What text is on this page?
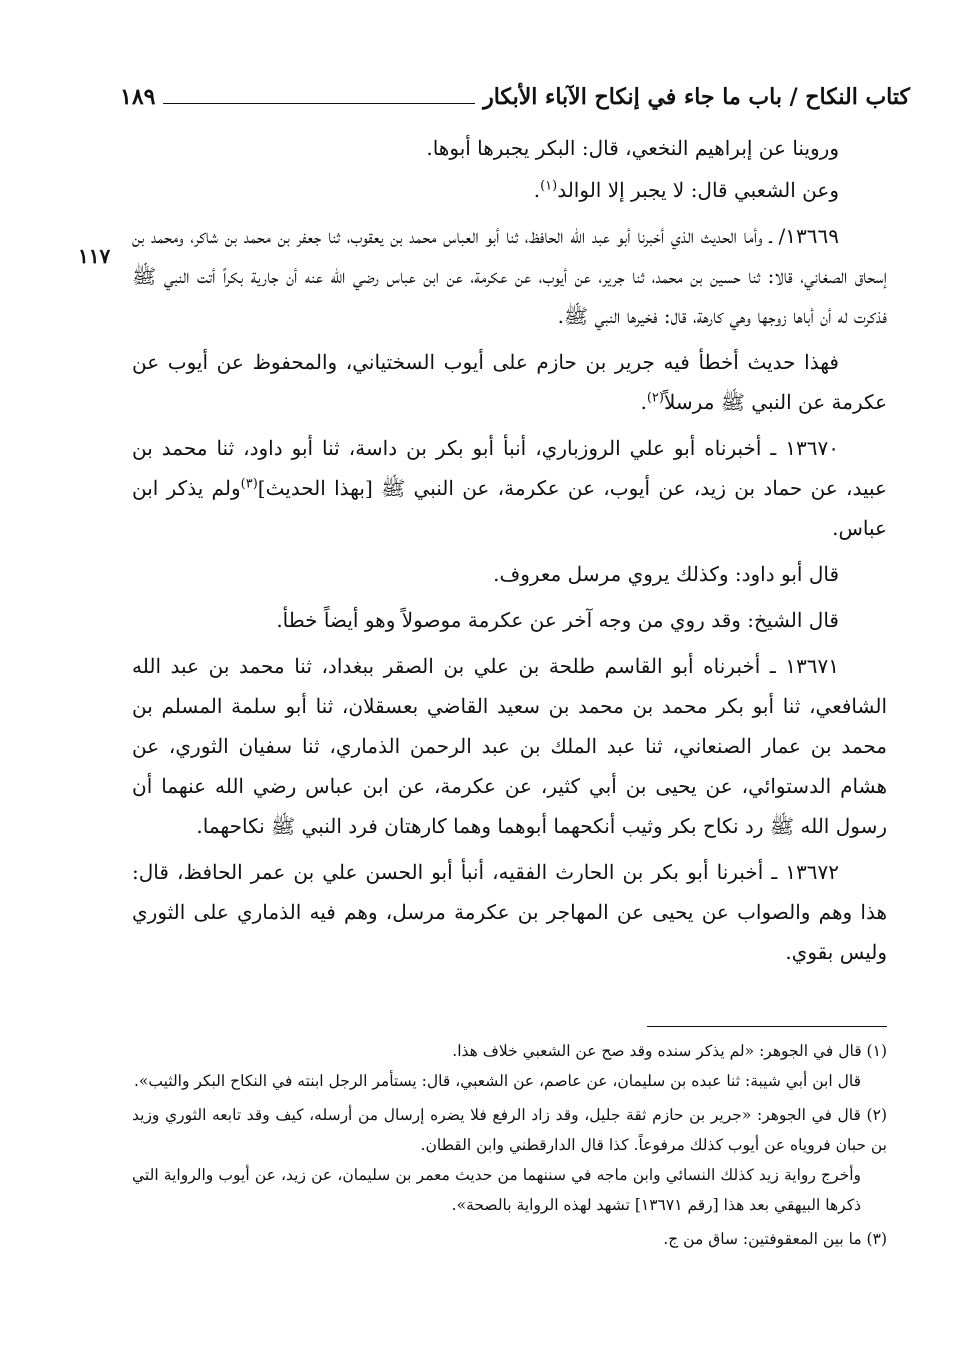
كتاب النكاح / باب ما جاء في إنكاح الآباء الأبكار
١٨٩
١١٧

وروينا عن إبراهيم النخعي، قال: البكر يجبرها أبوها.

وعن الشعبي قال: لا يجبر إلا الوالد$^{(١)}$.

١٣٦٦٩/ ـ وأما الحديث الذي أخبرنا أبو عبد الله الحافظ، ثنا أبو العباس محمد بن يعقوب، ثنا جعفر بن محمد بن شاكر، ومحمد بن إسحاق الصغاني، قالا: ثنا حسين بن محمد، ثنا جرير، عن أيوب، عن عكرمة، عن ابن عباس رضي الله عنه أن جارية بكراً أتت النبي ﷺ فذكرت له أن أباها زوجها وهي كارهة، قال: فخيرها النبي ﷺ.

فهذا حديث أخطأ فيه جرير بن حازم على أيوب السختياني، والمحفوظ عن أيوب عن عكرمة عن النبي ﷺ مرسلاً$^{(٢)}$.

١٣٦٧٠ ـ أخبرناه أبو علي الروزباري، أنبأ أبو بكر بن داسة، ثنا أبو داود، ثنا محمد بن عبيد، عن حماد بن زيد، عن أيوب، عن عكرمة، عن النبي ﷺ [بهذا الحديث]$^{(٣)}$ولم يذكر ابن عباس.

قال أبو داود: وكذلك يروي مرسل معروف.

قال الشيخ: وقد روي من وجه آخر عن عكرمة موصولاً وهو أيضاً خطأ.

١٣٦٧١ ـ أخبرناه أبو القاسم طلحة بن علي بن الصقر ببغداد، ثنا محمد بن عبد الله الشافعي، ثنا أبو بكر محمد بن محمد بن سعيد القاضي بعسقلان، ثنا أبو سلمة المسلم بن محمد بن عمار الصنعاني، ثنا عبد الملك بن عبد الرحمن الذماري، ثنا سفيان الثوري، عن هشام الدستوائي، عن يحيى بن أبي كثير، عن عكرمة، عن ابن عباس رضي الله عنهما أن رسول الله ﷺ رد نكاح بكر وثيب أنكحهما أبوهما وهما كارهتان فرد النبي ﷺ نكاحهما.

١٣٦٧٢ ـ أخبرنا أبو بكر بن الحارث الفقيه، أنبأ أبو الحسن علي بن عمر الحافظ، قال: هذا وهم والصواب عن يحيى عن المهاجر بن عكرمة مرسل، وهم فيه الذماري على الثوري وليس بقوي.

(١) قال في الجوهر: «لم يذكر سنده وقد صح عن الشعبي خلاف هذا.
قال ابن أبي شيبة: ثنا عبده بن سليمان، عن عاصم، عن الشعبي، قال: يستأمر الرجل ابنته في النكاح البكر والثيب».
(٢) قال في الجوهر: «جرير بن حازم ثقة جليل، وقد زاد الرفع فلا يضره إرسال من أرسله، كيف وقد تابعه الثوري وزيد بن حبان فروياه عن أيوب كذلك مرفوعاً. كذا قال الدارقطني وابن القطان.
وأخرج رواية زيد كذلك النسائي وابن ماجه في سننهما من حديث معمر بن سليمان، عن زيد، عن أيوب والرواية التي ذكرها البيهقي بعد هذا [رقم ١٣٦٧١] تشهد لهذه الرواية بالصحة».
(٣) ما بين المعقوفتين: ساق من ج.
